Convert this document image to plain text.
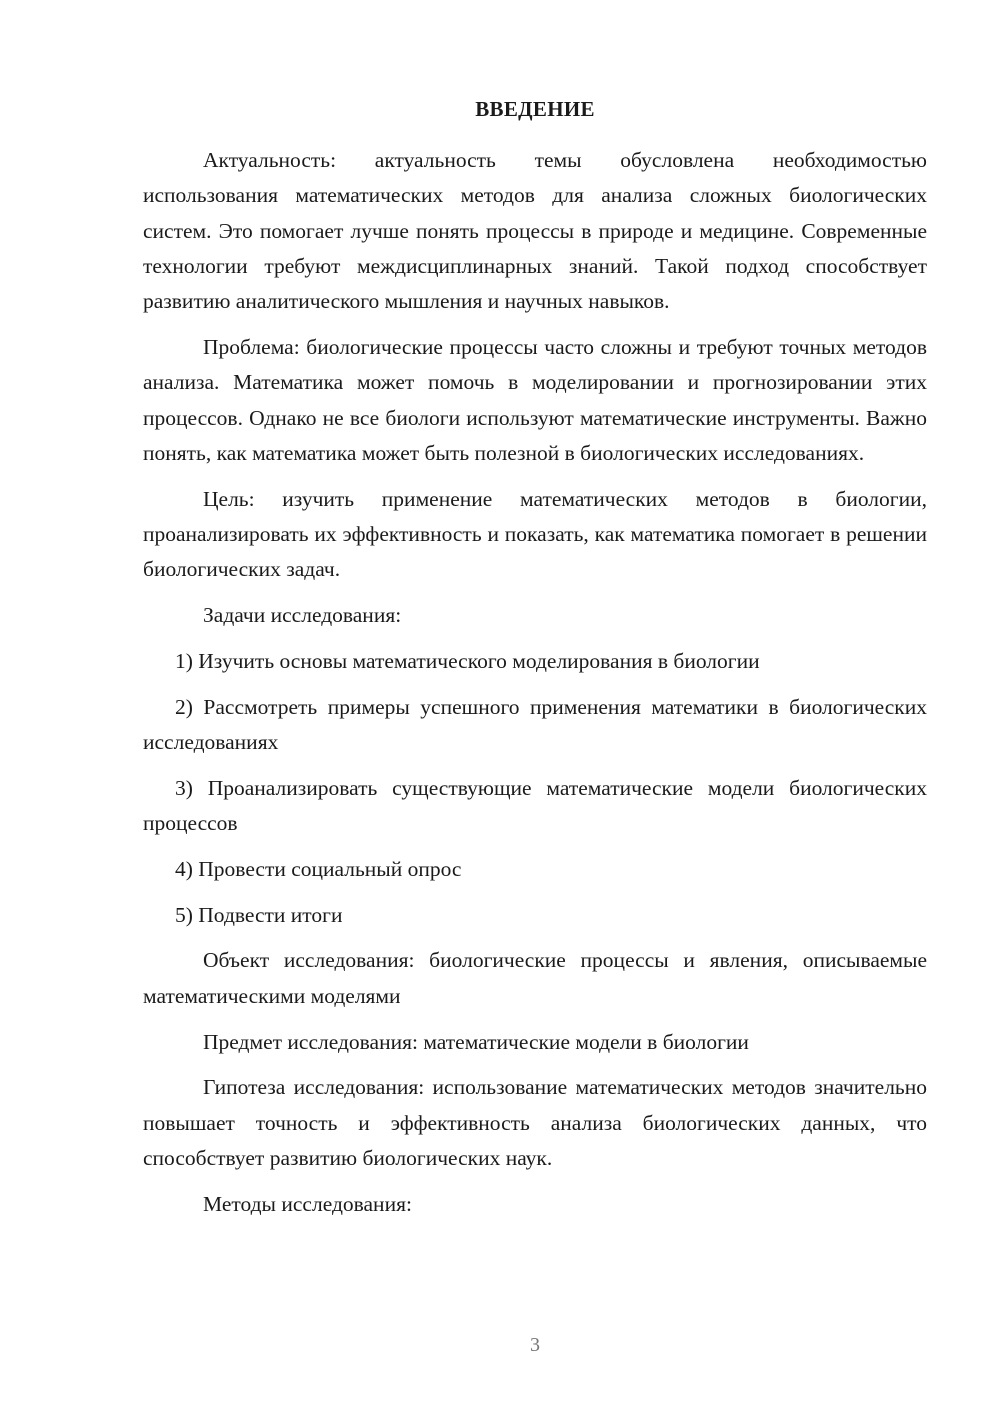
ВВЕДЕНИЕ

Актуальность: актуальность темы обусловлена необходимостью использования математических методов для анализа сложных биологических систем. Это помогает лучше понять процессы в природе и медицине. Современные технологии требуют междисциплинарных знаний. Такой подход способствует развитию аналитического мышления и научных навыков.

Проблема: биологические процессы часто сложны и требуют точных методов анализа. Математика может помочь в моделировании и прогнозировании этих процессов. Однако не все биологи используют математические инструменты. Важно понять, как математика может быть полезной в биологических исследованиях.

Цель: изучить применение математических методов в биологии, проанализировать их эффективность и показать, как математика помогает в решении биологических задач.

Задачи исследования:

1) Изучить основы математического моделирования в биологии

2) Рассмотреть примеры успешного применения математики в биологических исследованиях

3) Проанализировать существующие математические модели биологических процессов

4) Провести социальный опрос

5) Подвести итоги

Объект исследования: биологические процессы и явления, описываемые математическими моделями

Предмет исследования: математические модели в биологии

Гипотеза исследования: использование математических методов значительно повышает точность и эффективность анализа биологических данных, что способствует развитию биологических наук.

Методы исследования:

3
